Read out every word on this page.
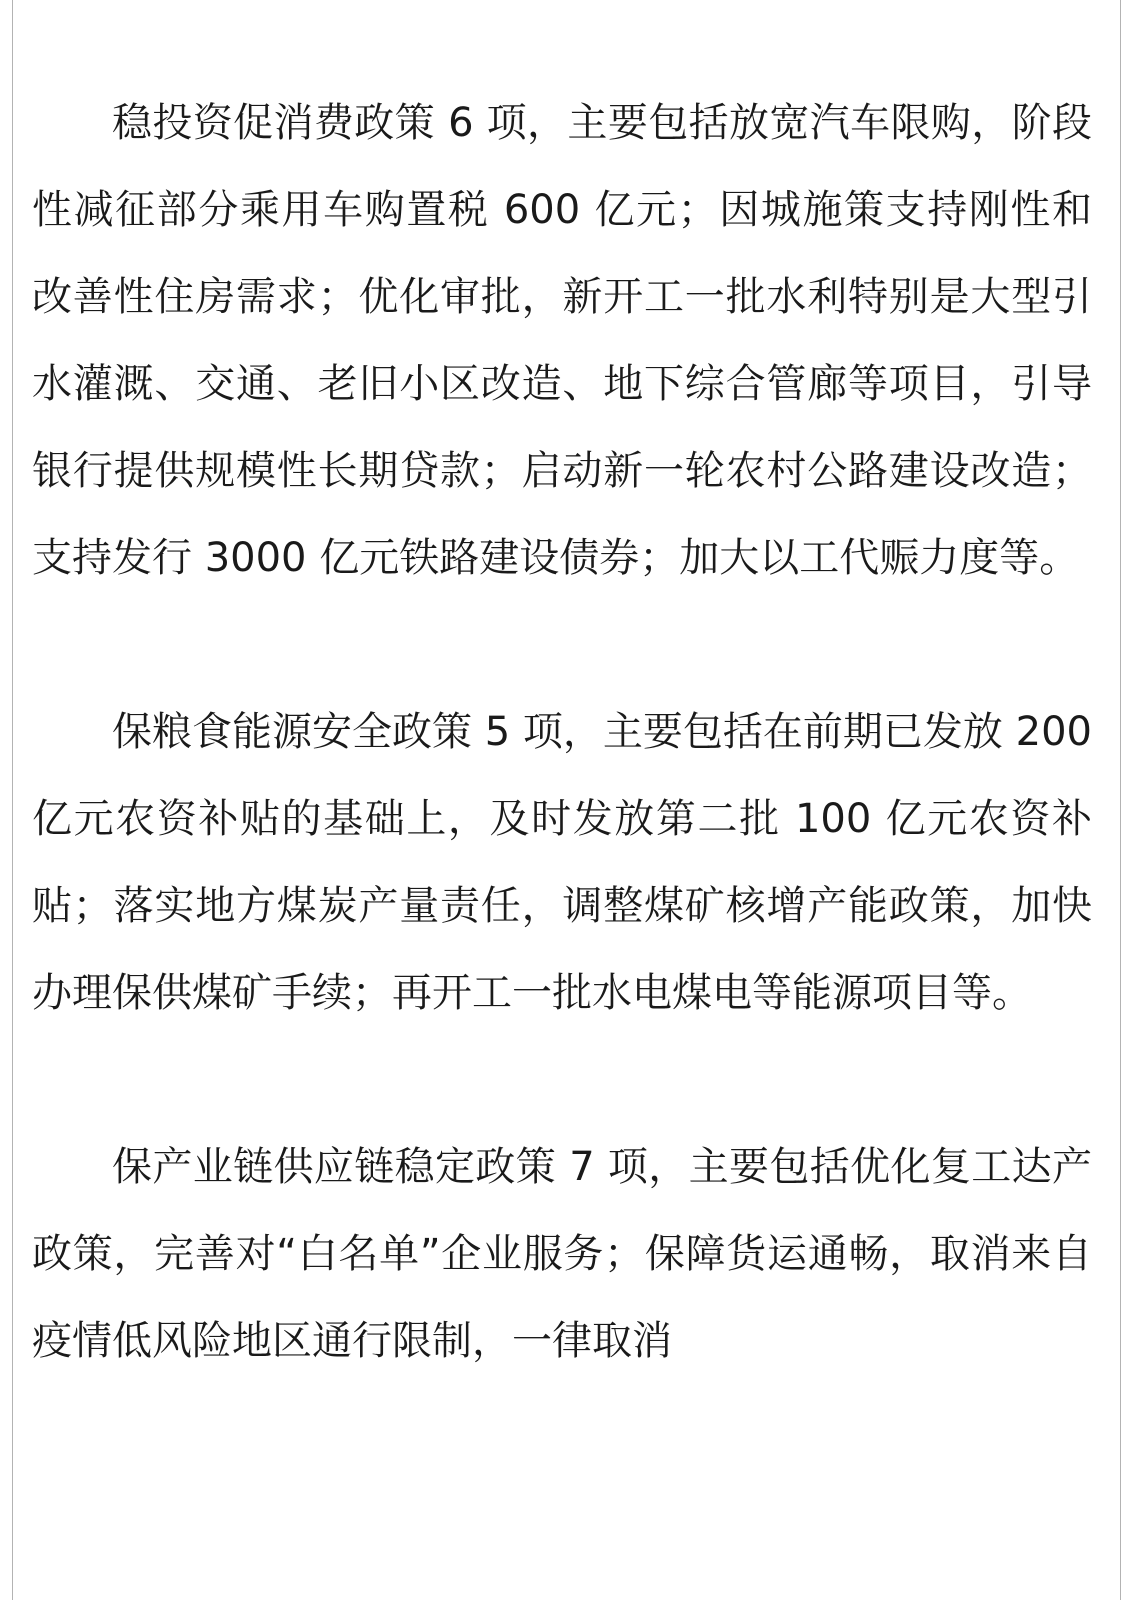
稳投资促消费政策 6 项，主要包括放宽汽车限购，阶段性减征部分乘用车购置税 600 亿元；因城施策支持刚性和改善性住房需求；优化审批，新开工一批水利特别是大型引水灌溉、交通、老旧小区改造、地下综合管廊等项目，引导银行提供规模性长期贷款；启动新一轮农村公路建设改造；支持发行 3000 亿元铁路建设债券；加大以工代赈力度等。

保粮食能源安全政策 5 项，主要包括在前期已发放 200 亿元农资补贴的基础上，及时发放第二批 100 亿元农资补贴；落实地方煤炭产量责任，调整煤矿核增产能政策，加快办理保供煤矿手续；再开工一批水电煤电等能源项目等。

保产业链供应链稳定政策 7 项，主要包括优化复工达产政策，完善对“白名单”企业服务；保障货运通畅，取消来自疫情低风险地区通行限制，一律取消
